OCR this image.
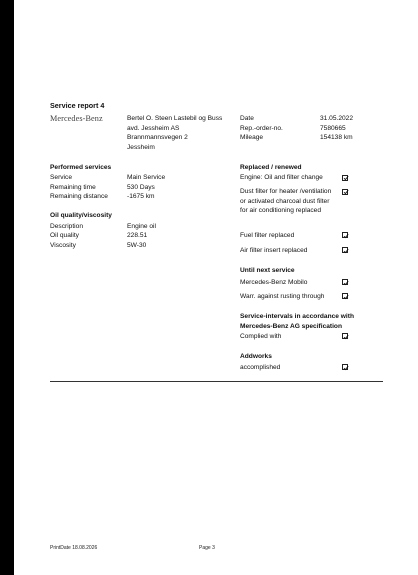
Service report 4
Mercedes-Benz	Bertel O. Steen Lastebil og Buss
avd. Jessheim AS
Brannmannsvegen 2
Jessheim
Date	31.05.2022
Rep.-order-no.	7580665
Mileage	154138 km
Performed services
Service	Main Service
Remaining time	530 Days
Remaining distance	-1675 km
Oil quality/viscosity
Description	Engine oil
Oil quality	228.51
Viscosity	5W-30
Replaced / renewed
Engine: Oil and filter change
Dust filter for heater /ventilation or activated charcoal dust filter for air conditioning replaced
Fuel filter replaced
Air filter insert replaced
Until next service
Mercedes-Benz Mobilo
Warr. against rusting through
Service-intervals in accordance with
Mercedes-Benz AG specification
Complied with
Addworks
accomplished
PrintDate 18.08.2026	Page 3
